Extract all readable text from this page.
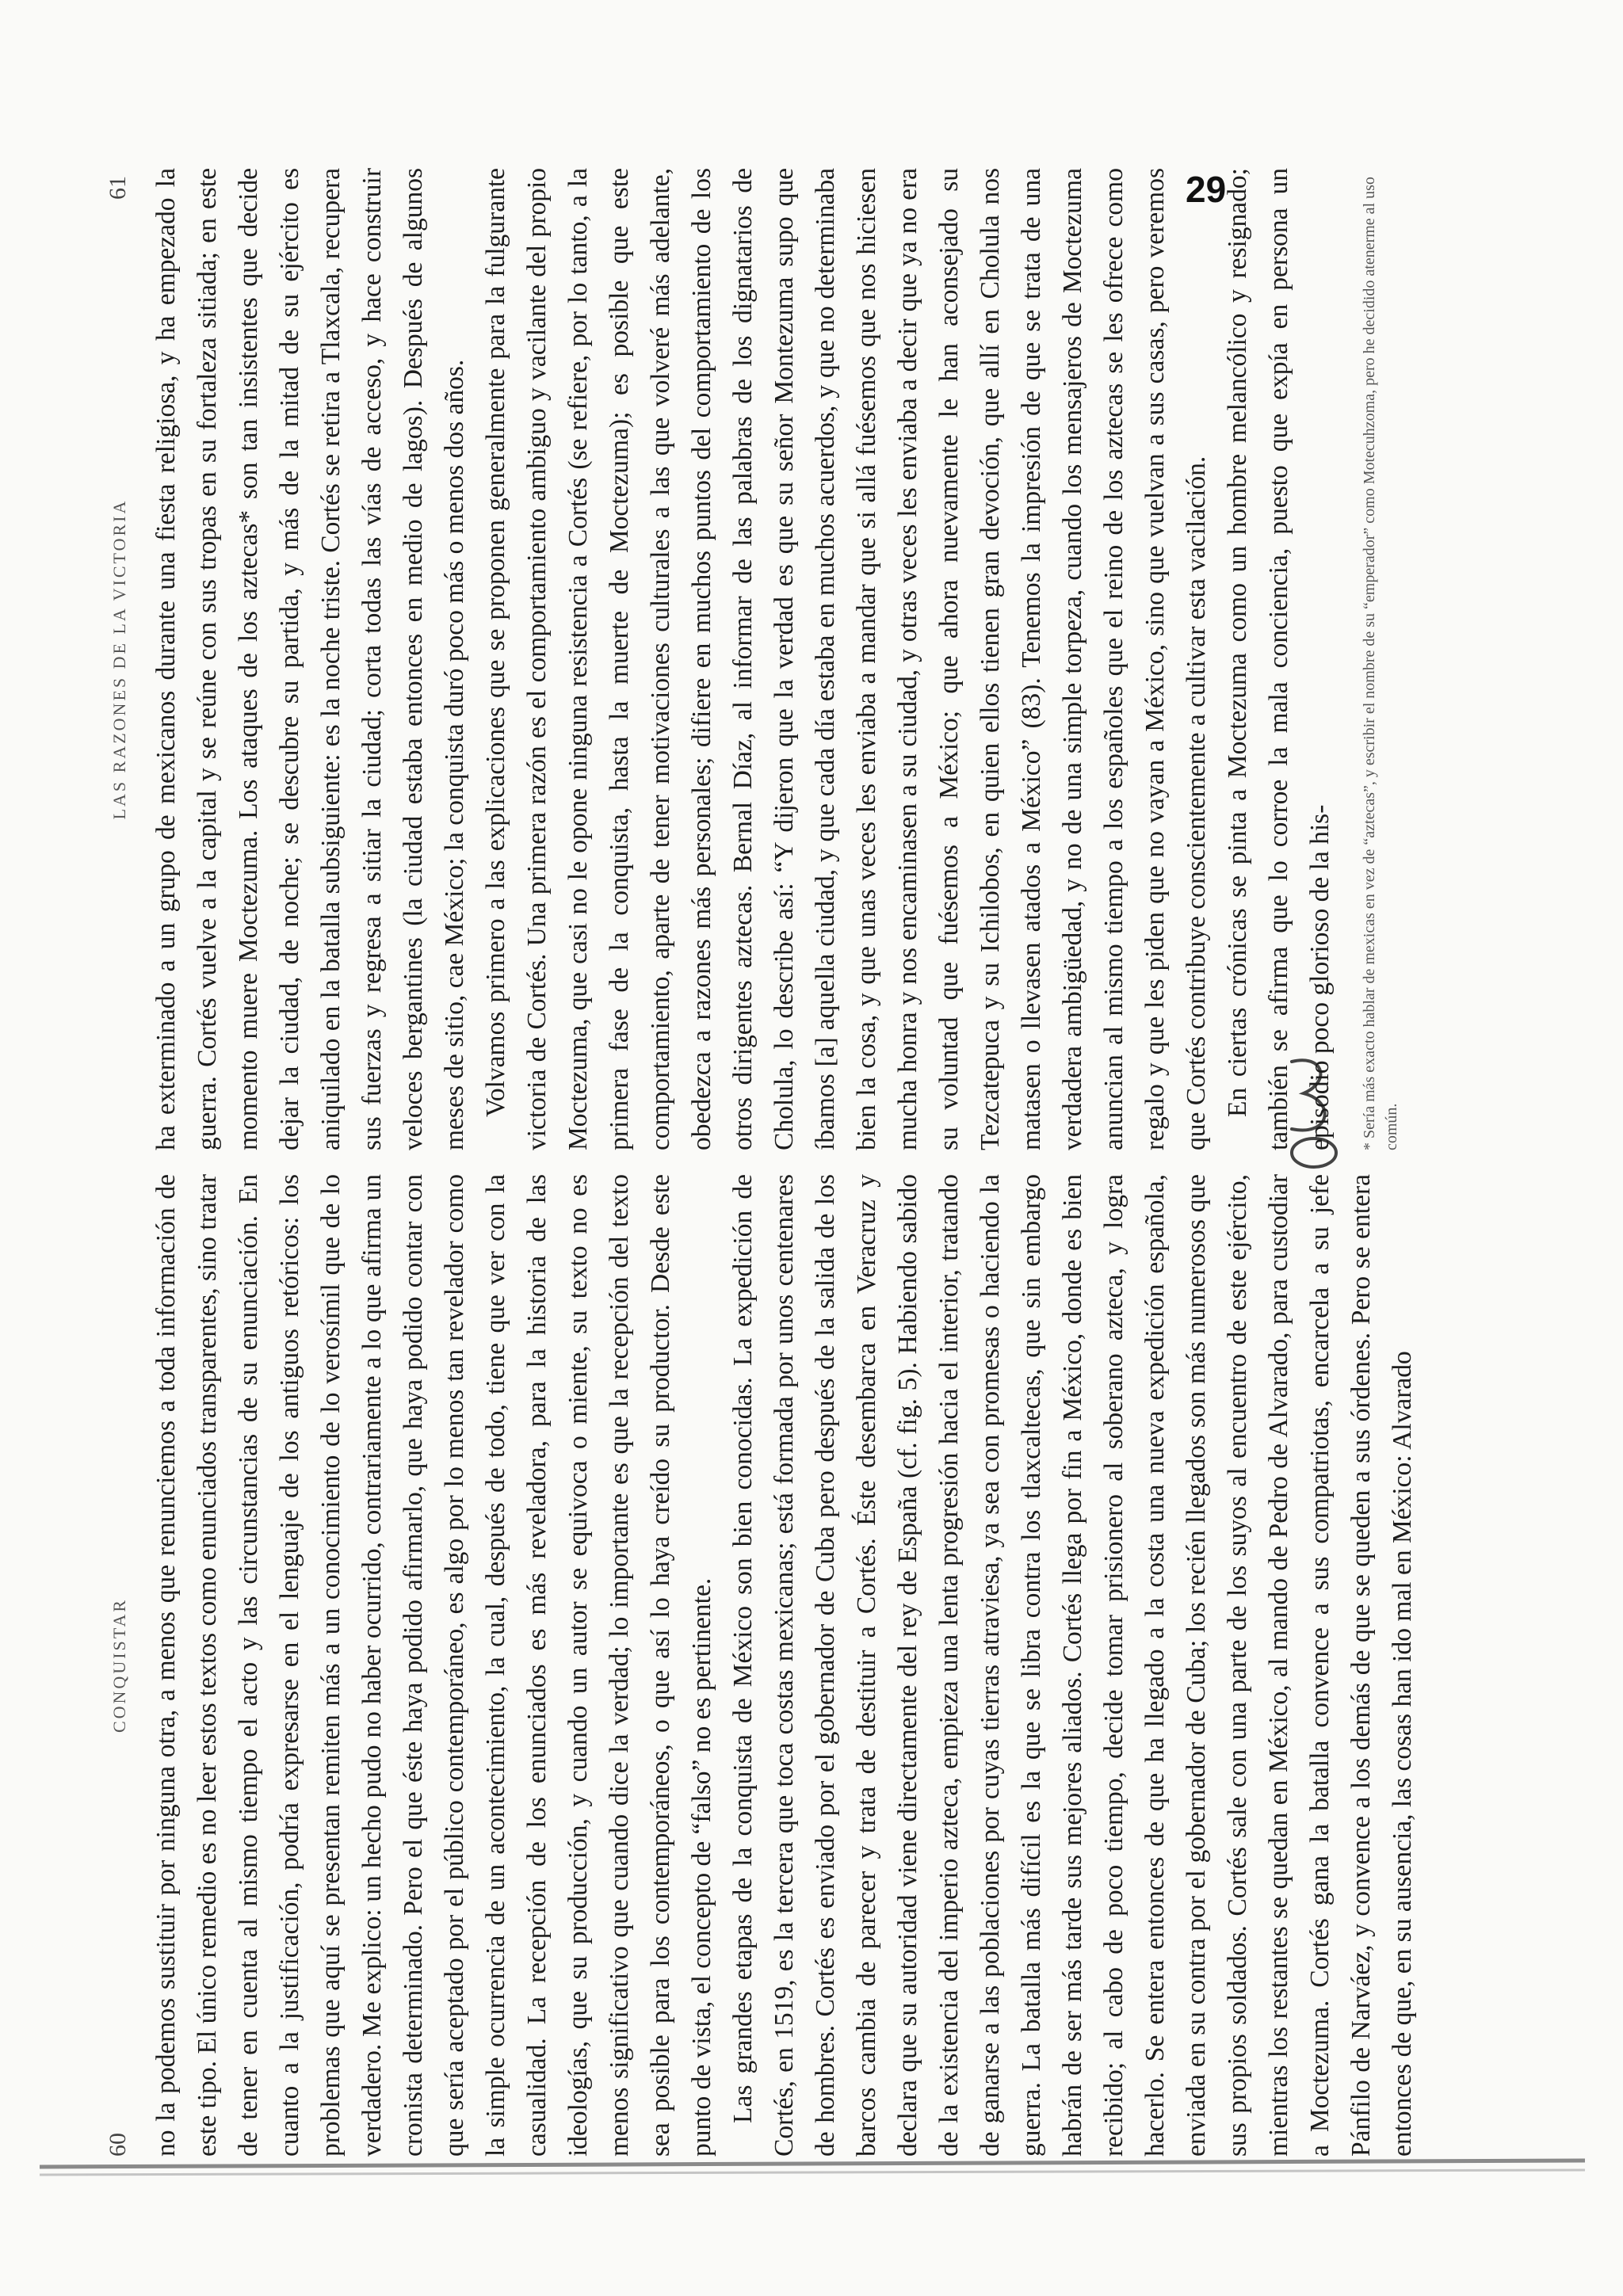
29
60
CONQUISTAR no la podemos sustituir por ninguna otra, a menos que renunciemos a toda información de este tipo. El único remedio es no leer estos textos como enunciados transparentes, sino tratar de tener en cuenta al mismo tiempo el acto y las circunstancias de su enunciación. En cuanto a la justificación, podría expresarse en el lenguaje de los antiguos retóricos: los problemas que aquí se presentan remiten más a un conocimiento de lo verosímil que de lo verdadero. Me explico: un hecho pudo no haber ocurrido, contrariamente a lo que afirma un cronista determinado. Pero el que éste haya podido afirmarlo, que haya podido contar con que sería aceptado por el público contemporáneo, es algo por lo menos tan revelador como la simple ocurrencia de un acontecimiento, la cual, después de todo, tiene que ver con la casualidad. La recepción de los enunciados es más reveladora, para la historia de las ideologías, que su producción, y cuando un autor se equivoca o miente, su texto no es menos significativo que cuando dice la verdad; lo importante es que la recepción del texto sea posible para los contemporáneos, o que así lo haya creído su productor. Desde este punto de vista, el concepto de “falso” no es pertinente. Las grandes etapas de la conquista de México son bien conocidas. La expedición de Cortés, en 1519, es la tercera que toca costas mexicanas; está formada por unos centenares de hombres. Cortés es enviado por el gobernador de Cuba pero después de la salida de los barcos cambia de parecer y trata de destituir a Cortés. Éste desembarca en Veracruz y declara que su autoridad viene directamente del rey de España (cf. fig. 5). Habiendo sabido de la existencia del imperio azteca, empieza una lenta progresión hacia el interior, tratando de ganarse a las poblaciones por cuyas tierras atraviesa, ya sea con promesas o haciendo la guerra. La batalla más difícil es la que se libra contra los tlaxcaltecas, que sin embargo habrán de ser más tarde sus mejores aliados. Cortés llega por fin a México, donde es bien recibido; al cabo de poco tiempo, decide tomar prisionero al soberano azteca, y logra hacerlo. Se entera entonces de que ha llegado a la costa una nueva expedición española, enviada en su contra por el gobernador de Cuba; los recién llegados son más numerosos que sus propios soldados. Cortés sale con una parte de los suyos al encuentro de este ejército, mientras los restantes se quedan en México, al mando de Pedro de Alvarado, para custodiar a Moctezuma. Cortés gana la batalla convence a sus compatriotas, encarcela a su jefe Pánfilo de Narváez, y convence a los demás de que se queden a sus órdenes. Pero se entera entonces de que, en su ausencia, las cosas han ido mal en México: Alvarado

LAS RAZONES DE LA VICTORIA
61 ha exterminado a un grupo de mexicanos durante una fiesta religiosa, y ha empezado la guerra. Cortés vuelve a la capital y se reúne con sus tropas en su fortaleza sitiada; en este momento muere Moctezuma. Los ataques de los aztecas* son tan insistentes que decide dejar la ciudad, de noche; se descubre su partida, y más de la mitad de su ejército es aniquilado en la batalla subsiguiente: es la noche triste. Cortés se retira a Tlaxcala, recupera sus fuerzas y regresa a sitiar la ciudad; corta todas las vías de acceso, y hace construir veloces bergantines (la ciudad estaba entonces en medio de lagos). Después de algunos meses de sitio, cae México; la conquista duró poco más o menos dos años. Volvamos primero a las explicaciones que se proponen generalmente para la fulgurante victoria de Cortés. Una primera razón es el comportamiento ambiguo y vacilante del propio Moctezuma, que casi no le opone ninguna resistencia a Cortés (se refiere, por lo tanto, a la primera fase de la conquista, hasta la muerte de Moctezuma); es posible que este comportamiento, aparte de tener motivaciones culturales a las que volveré más adelante, obedezca a razones más personales; difiere en muchos puntos del comportamiento de los otros dirigentes aztecas. Bernal Díaz, al informar de las palabras de los dignatarios de Cholula, lo describe así: “Y dijeron que la verdad es que su señor Montezuma supo que íbamos [a] aquella ciudad, y que cada día estaba en muchos acuerdos, y que no determinaba bien la cosa, y que unas veces les enviaba a mandar que si allá fuésemos que nos hiciesen mucha honra y nos encaminasen a su ciudad, y otras veces les enviaba a decir que ya no era su voluntad que fuésemos a México; que ahora nuevamente le han aconsejado su Tezcatepuca y su Ichilobos, en quien ellos tienen gran devoción, que allí en Cholula nos matasen o llevasen atados a México” (83). Tenemos la impresión de que se trata de una verdadera ambigüedad, y no de una simple torpeza, cuando los mensajeros de Moctezuma anuncian al mismo tiempo a los españoles que el reino de los aztecas se les ofrece como regalo y que les piden que no vayan a México, sino que vuelvan a sus casas, pero veremos que Cortés contribuye conscientemente a cultivar esta vacilación. En ciertas crónicas se pinta a Moctezuma como un hombre melancólico y resignado; también se afirma que lo corroe la mala conciencia, puesto que expía en persona un episodio poco glorioso de la his-	* Sería más exacto hablar de mexicas en vez de “aztecas”, y escribir el nombre de su “emperador” como Motecuhzoma, pero he decidido atenerme al uso común.
